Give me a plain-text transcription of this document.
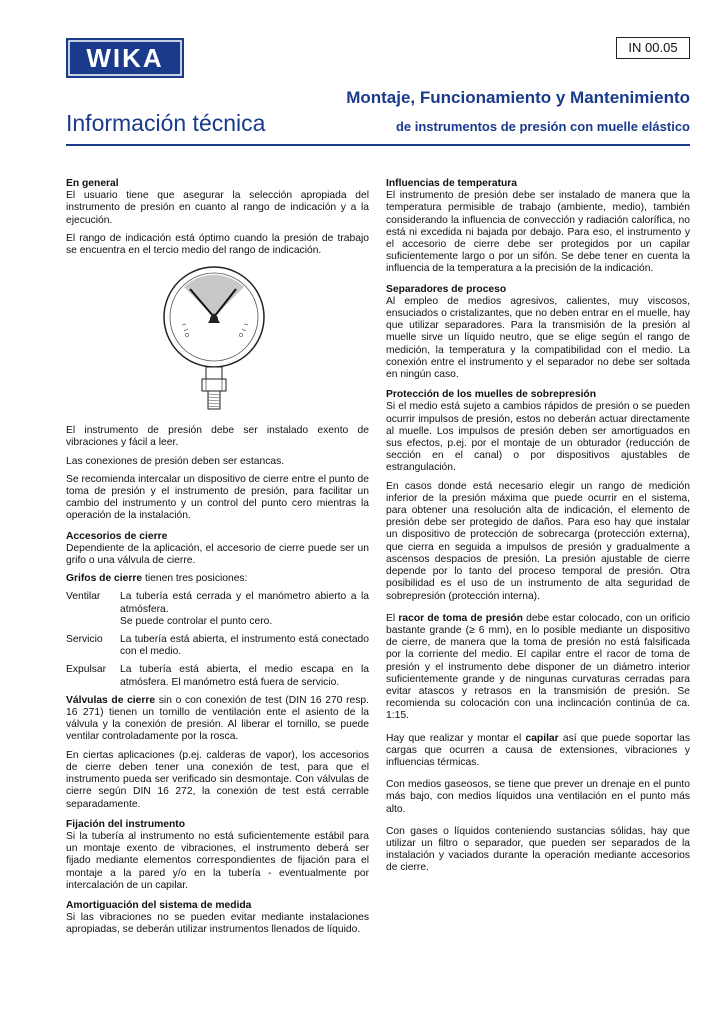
WIKA	IN 00.05
Información técnica
Montaje, Funcionamiento y Mantenimiento
de instrumentos de presión con muelle elástico
En general

El usuario tiene que asegurar la selección apropiada del instrumento de presión en cuanto al rango de indicación y a la ejecución.

El rango de indicación está óptimo cuando la presión de trabajo se encuentra en el tercio medio del rango de indicación.

El instrumento de presión debe ser instalado exento de vibraciones y fácil a leer.

Las conexiones de presión deben ser estancas.

Se recomienda intercalar un dispositivo de cierre entre el punto de toma de presión y el instrumento de presión, para facilitar un cambio del instrumento y un control del punto cero mientras la operación de la instalación.

Accesorios de cierre

Dependiente de la aplicación, el accesorio de cierre puede ser un grifo o una válvula de cierre.

Grifos de cierre tienen tres posiciones:

Ventilar	La tubería está cerrada y el manómetro abierto a la atmósfera.
Se puede controlar el punto cero.
Servicio	La tubería está abierta, el instrumento está conectado con el medio.
Expulsar	La tubería está abierta, el medio escapa en la atmósfera. El manómetro está fuera de servicio.

Válvulas de cierre sin o con conexión de test (DIN 16 270 resp. 16 271) tienen un tornillo de ventilación ente el asiento de la válvula y la conexión de presión. Al liberar el tornillo, se puede ventilar controladamente por la rosca.

En ciertas aplicaciones (p.ej. calderas de vapor), los accesorios de cierre deben tener una conexión de test, para que el instrumento pueda ser verificado sin desmontaje. Con válvulas de cierre según DIN 16 272, la conexión de test está cerrable separadamente.

Fijación del instrumento

Si la tubería al instrumento no está suficientemente estábil para un montaje exento de vibraciones, el instrumento deberá ser fijado mediante elementos correspondientes de fijación para el montaje a la pared y/o en la tubería - eventualmente por intercalación de un capilar.

Amortiguación del sistema de medida

Si las vibraciones no se pueden evitar mediante instalaciones apropiadas, se deberán utilizar instrumentos llenados de líquido.

Influencias de temperatura

El instrumento de presión debe ser instalado de manera que la temperatura permisible de trabajo (ambiente, medio), también considerando la influencia de convección y radiación calorífica, no está ni excedida ni bajada por debajo. Para eso, el instrumento y el accesorio de cierre debe ser protegidos por un capilar suficientemente largo o por un sifón. Se debe tener en cuenta la influencia de la temperatura a la precisión de la indicación.

Separadores de proceso

Al empleo de medios agresivos, calientes, muy viscosos, ensuciados o cristalizantes, que no deben entrar en el muelle, hay que utilizar separadores. Para la transmisión de la presión al muelle sirve un líquido neutro, que se elige según el rango de medición, la temperatura y la compatibilidad con el medio. La conexión entre el instrumento y el separador no debe ser soltada en ningún caso.

Protección de los muelles de sobrepresión

Si el medio está sujeto a cambios rápidos de presión o se pueden ocurrir impulsos de presión, estos no deberán actuar directamente al muelle. Los impulsos de presión deben ser amortiguados en sus efectos, p.ej. por el montaje de un obturador (reducción de sección en el canal) o por dispositivos ajustables de estrangulación.

En casos donde está necesario elegir un rango de medición inferior de la presión máxima que puede ocurrir en el sistema, para obtener una resolución alta de indicación, el elemento de presión debe ser protegido de daños. Para eso hay que instalar un dispositivo de protección de sobrecarga (protección externa), que cierra en seguida a impulsos de presión y gradualmente a ascensos despacios de presión. La presión ajustable de cierre depende por lo tanto del proceso temporal de presión. Otra posibilidad es el uso de un instrumento de alta seguridad de sobrepresión (protección interna).

El racor de toma de presión debe estar colocado, con un orificio bastante grande (≥ 6 mm), en lo posible mediante un dispositivo de cierre, de manera que la toma de presión no está falsificada por la corriente del medio. El capilar entre el racor de toma de presión y el instrumento debe disponer de un diámetro interior suficientemente grande y de ningunas curvaturas cerradas para evitar atascos y retrasos en la transmisión de presión. Se recomienda su colocación con una inclincación continúa de ca. 1:15.

Hay que realizar y montar el capilar así que puede soportar las cargas que ocurren a causa de extensiones, vibraciones y influencias térmicas.

Con medios gaseosos, se tiene que prever un drenaje en el punto más bajo, con medios líquidos una ventilación en el punto más alto.

Con gases o líquidos conteniendo sustancias sólidas, hay que utilizar un filtro o separador, que pueden ser separados de la instalación y vaciados durante la operación mediante accesorios de cierre.
